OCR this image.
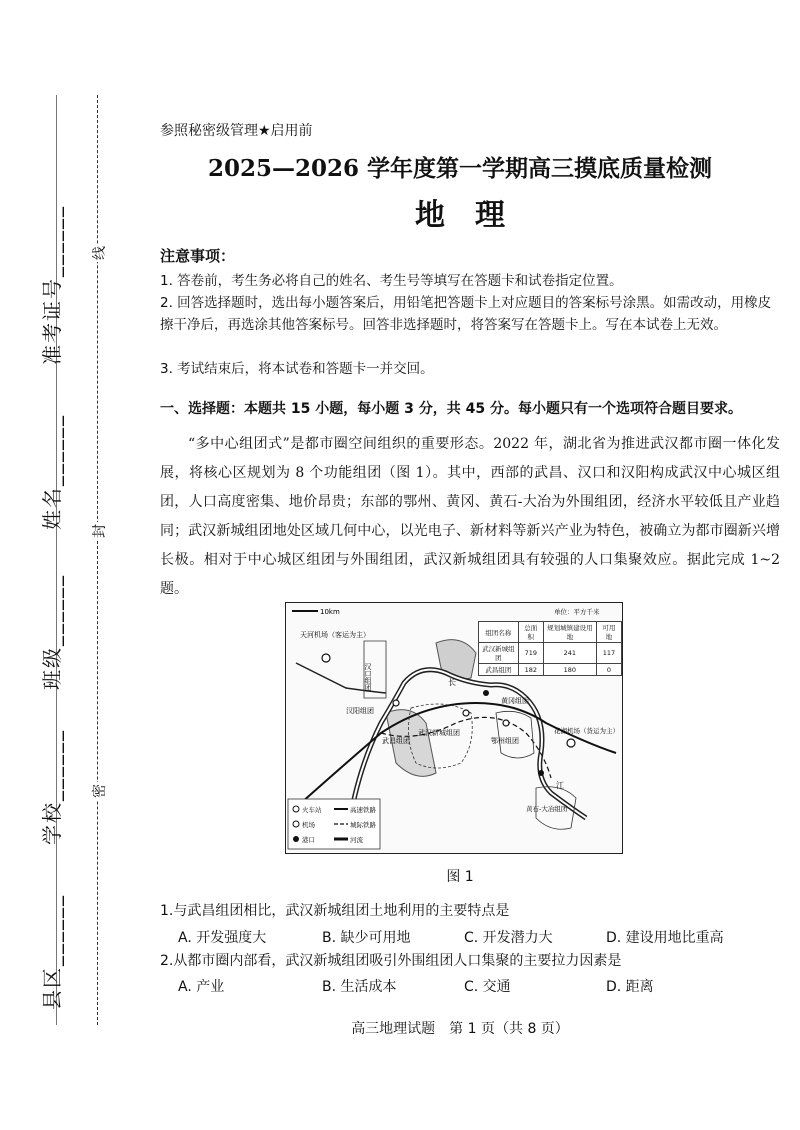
准考证号______
姓名______
班级______
学校______
县区______
线
封
密
参照秘密级管理★启用前
2025—2026 学年度第一学期高三摸底质量检测
地理
注意事项：
1. 答卷前，考生务必将自己的姓名、考生号等填写在答题卡和试卷指定位置。
2. 回答选择题时，选出每小题答案后，用铅笔把答题卡上对应题目的答案标号涂黑。如需改动，用橡皮擦干净后，再选涂其他答案标号。回答非选择题时，将答案写在答题卡上。写在本试卷上无效。
3. 考试结束后，将本试卷和答题卡一并交回。
一、选择题：本题共 15 小题，每小题 3 分，共 45 分。每小题只有一个选项符合题目要求。
“多中心组团式”是都市圈空间组织的重要形态。2022 年，湖北省为推进武汉都市圈一体化发展，将核心区规划为 8 个功能组团（图 1）。其中，西部的武昌、汉口和汉阳构成武汉中心城区组团，人口高度密集、地价昂贵；东部的鄂州、黄冈、黄石-大冶为外围组团，经济水平较低且产业趋同；武汉新城组团地处区域几何中心，以光电子、新材料等新兴产业为特色，被确立为都市圈新兴增长极。相对于中心城区组团与外围组团，武汉新城组团具有较强的人口集聚效应。据此完成 1~2 题。
10km
天河机场（客运为主）
汉口组团
汉阳组团
武昌组团
武汉新城组团
鄂州组团
黄冈组团
花湖机场（货运为主）
黄石-大冶组团
长
江
火车站	高速铁路
机场	城际铁路
港口	河流
单位：平方千米
组团名称	总面积	规划城镇建设用地	可用地
武汉新城组团	719	241	117
武昌组团	182	180	0
图 1
1.与武昌组团相比，武汉新城组团土地利用的主要特点是
A. 开发强度大	B. 缺少可用地	C. 开发潜力大	D. 建设用地比重高
2.从都市圈内部看，武汉新城组团吸引外围组团人口集聚的主要拉力因素是
A. 产业	B. 生活成本	C. 交通	D. 距离
高三地理试题　第 1 页（共 8 页）
